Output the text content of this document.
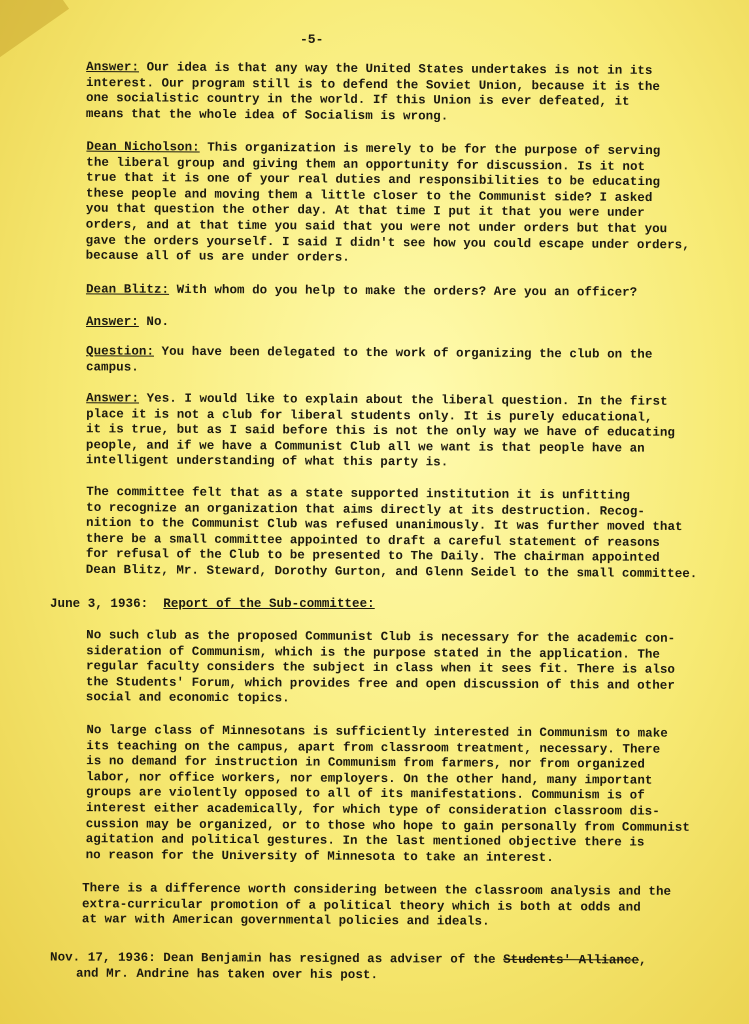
-5-
Answer: Our idea is that any way the United States undertakes is not in its
interest. Our program still is to defend the Soviet Union, because it is the
one socialistic country in the world. If this Union is ever defeated, it
means that the whole idea of Socialism is wrong.
Dean Nicholson: This organization is merely to be for the purpose of serving
the liberal group and giving them an opportunity for discussion. Is it not
true that it is one of your real duties and responsibilities to be educating
these people and moving them a little closer to the Communist side? I asked
you that question the other day. At that time I put it that you were under
orders, and at that time you said that you were not under orders but that you
gave the orders yourself. I said I didn't see how you could escape under orders,
because all of us are under orders.
Dean Blitz: With whom do you help to make the orders? Are you an officer?
Answer: No.
Question: You have been delegated to the work of organizing the club on the
campus.
Answer: Yes. I would like to explain about the liberal question. In the first
place it is not a club for liberal students only. It is purely educational,
it is true, but as I said before this is not the only way we have of educating
people, and if we have a Communist Club all we want is that people have an
intelligent understanding of what this party is.
The committee felt that as a state supported institution it is unfitting
to recognize an organization that aims directly at its destruction. Recog-
nition to the Communist Club was refused unanimously. It was further moved that
there be a small committee appointed to draft a careful statement of reasons
for refusal of the Club to be presented to The Daily. The chairman appointed
Dean Blitz, Mr. Steward, Dorothy Gurton, and Glenn Seidel to the small committee.
June 3, 1936: Report of the Sub-committee:
No such club as the proposed Communist Club is necessary for the academic con-
sideration of Communism, which is the purpose stated in the application. The
regular faculty considers the subject in class when it sees fit. There is also
the Students' Forum, which provides free and open discussion of this and other
social and economic topics.
No large class of Minnesotans is sufficiently interested in Communism to make
its teaching on the campus, apart from classroom treatment, necessary. There
is no demand for instruction in Communism from farmers, nor from organized
labor, nor office workers, nor employers. On the other hand, many important
groups are violently opposed to all of its manifestations. Communism is of
interest either academically, for which type of consideration classroom dis-
cussion may be organized, or to those who hope to gain personally from Communist
agitation and political gestures. In the last mentioned objective there is
no reason for the University of Minnesota to take an interest.
There is a difference worth considering between the classroom analysis and the
extra-curricular promotion of a political theory which is both at odds and
at war with American governmental policies and ideals.
Nov. 17, 1936: Dean Benjamin has resigned as adviser of the Students' Alliance,
and Mr. Andrine has taken over his post.
